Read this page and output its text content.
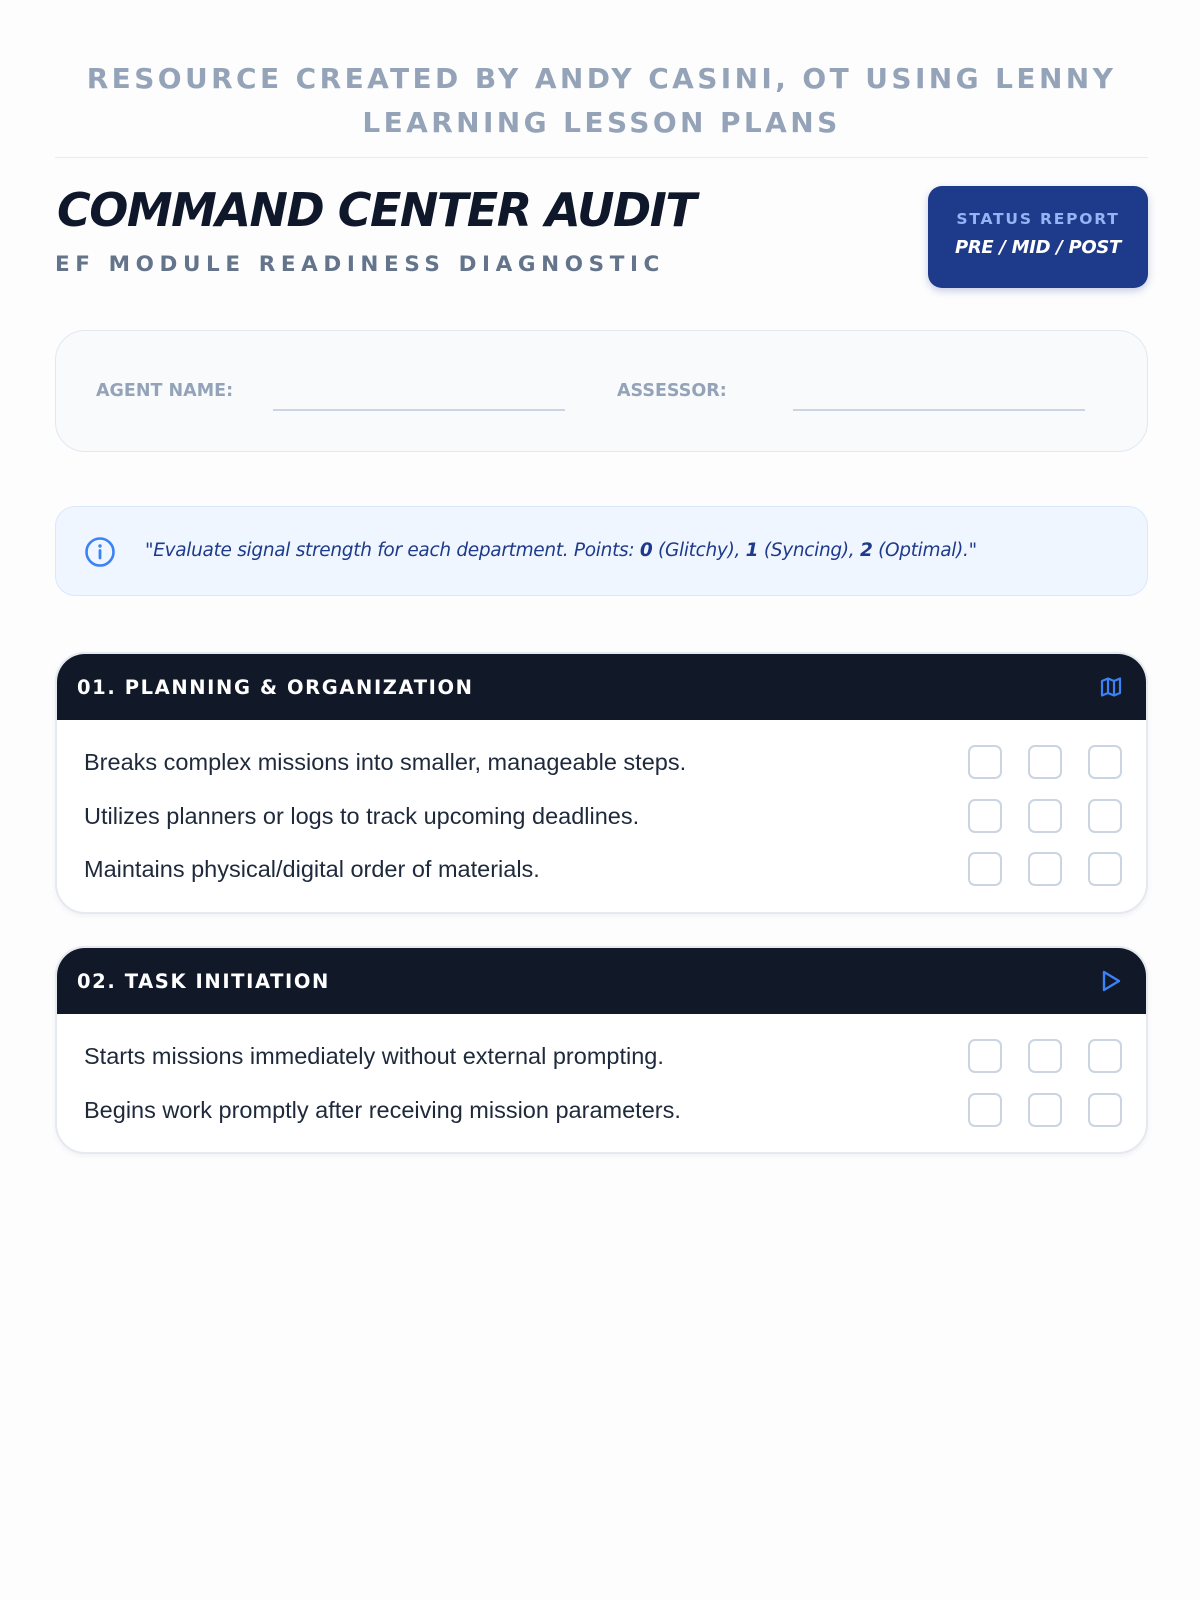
RESOURCE CREATED BY ANDY CASINI, OT USING LENNY LEARNING LESSON PLANS
COMMAND CENTER AUDIT
EF MODULE READINESS DIAGNOSTIC
STATUS REPORT
PRE / MID / POST
AGENT NAME:	ASSESSOR:
"Evaluate signal strength for each department. Points: 0 (Glitchy), 1 (Syncing), 2 (Optimal)."
01. PLANNING & ORGANIZATION
Breaks complex missions into smaller, manageable steps.
Utilizes planners or logs to track upcoming deadlines.
Maintains physical/digital order of materials.
02. TASK INITIATION
Starts missions immediately without external prompting.
Begins work promptly after receiving mission parameters.
